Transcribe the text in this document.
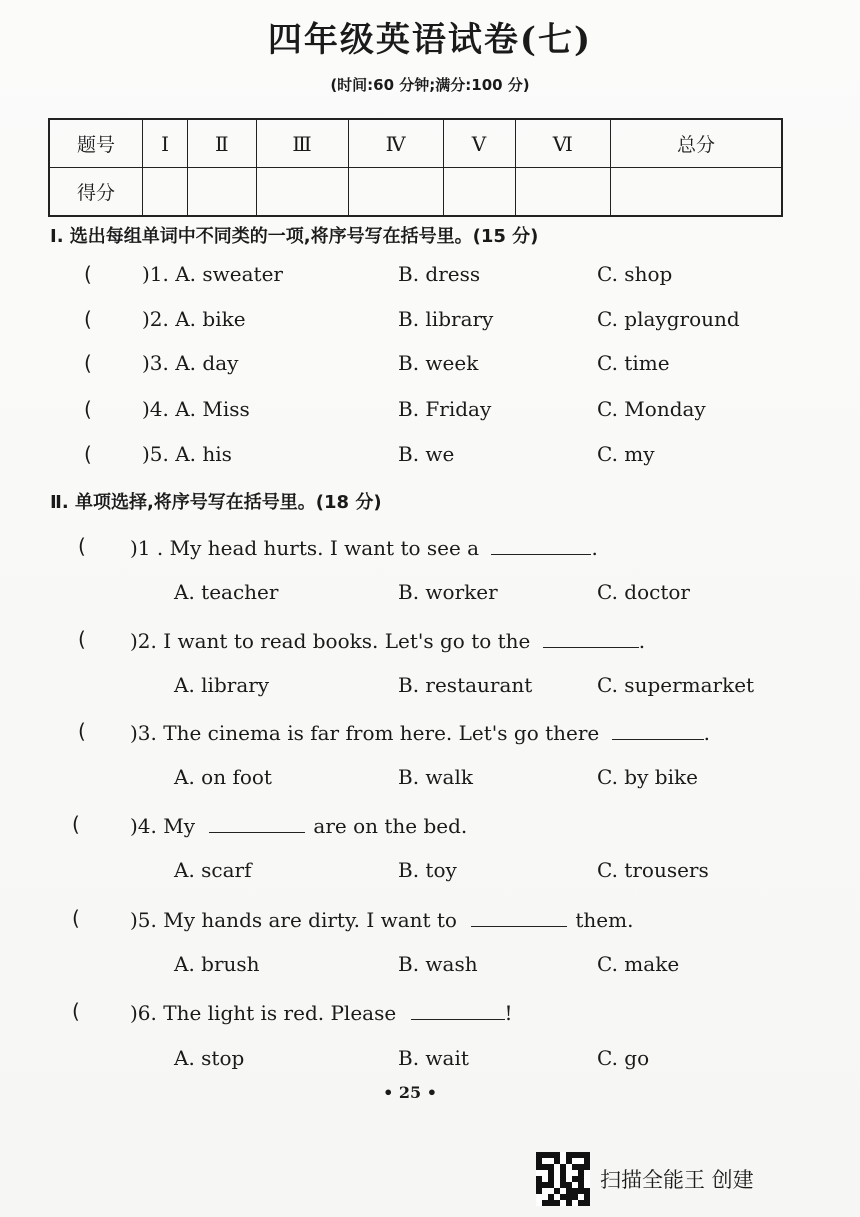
四年级英语试卷(七)
(时间:60 分钟;满分:100 分)
题号	Ⅰ	Ⅱ	Ⅲ	Ⅳ	Ⅴ	Ⅵ	总分
得分							
Ⅰ. 选出每组单词中不同类的一项,将序号写在括号里。(15 分)
(	)1. A. sweater	B. dress	C. shop
(	)2. A. bike	B. library	C. playground
(	)3. A. day	B. week	C. time
(	)4. A. Miss	B. Friday	C. Monday
(	)5. A. his	B. we	C. my
Ⅱ. 单项选择,将序号写在括号里。(18 分)
( )1 . My head hurts. I want to see a	.
A. teacher	B. worker	C. doctor
( )2. I want to read books. Let's go to the	.
A. library	B. restaurant	C. supermarket
( )3. The cinema is far from here. Let's go there	.
A. on foot	B. walk	C. by bike
(	)4. My	are on the bed.
A. scarf	B. toy	C. trousers
(	)5. My hands are dirty. I want to	them.
A. brush	B. wash	C. make
(	)6. The light is red. Please	!
A. stop	B. wait	C. go
• 25 •
扫描全能王 创建
